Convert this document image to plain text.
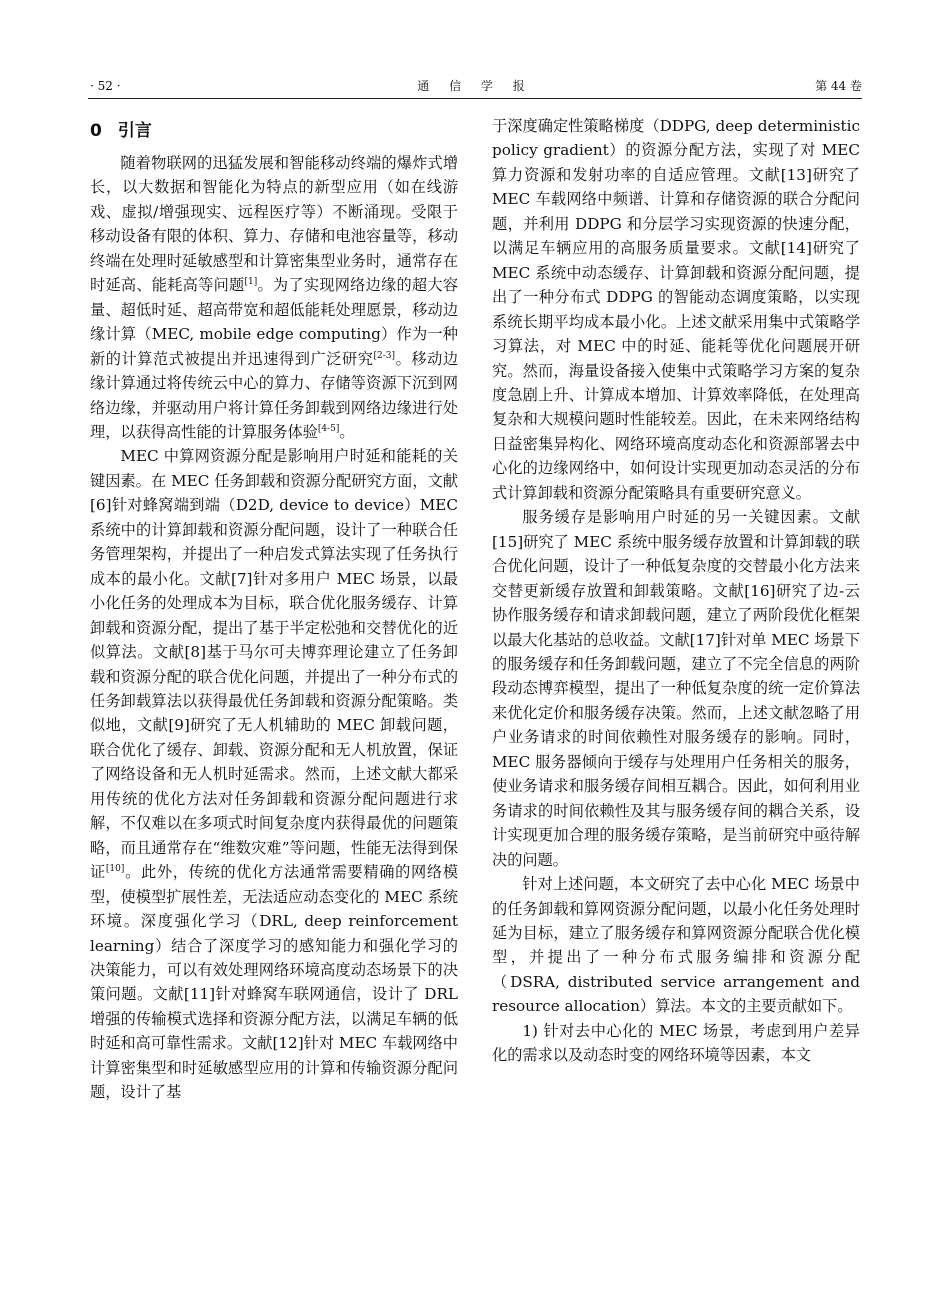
· 52 ·	通 信 学 报	第 44 卷
0 引言

随着物联网的迅猛发展和智能移动终端的爆炸式增长，以大数据和智能化为特点的新型应用（如在线游戏、虚拟/增强现实、远程医疗等）不断涌现。受限于移动设备有限的体积、算力、存储和电池容量等，移动终端在处理时延敏感型和计算密集型业务时，通常存在时延高、能耗高等问题[1]。为了实现网络边缘的超大容量、超低时延、超高带宽和超低能耗处理愿景，移动边缘计算（MEC, mobile edge computing）作为一种新的计算范式被提出并迅速得到广泛研究[2-3]。移动边缘计算通过将传统云中心的算力、存储等资源下沉到网络边缘，并驱动用户将计算任务卸载到网络边缘进行处理，以获得高性能的计算服务体验[4-5]。

MEC 中算网资源分配是影响用户时延和能耗的关键因素。在 MEC 任务卸载和资源分配研究方面，文献[6]针对蜂窝端到端（D2D, device to device）MEC 系统中的计算卸载和资源分配问题，设计了一种联合任务管理架构，并提出了一种启发式算法实现了任务执行成本的最小化。文献[7]针对多用户 MEC 场景，以最小化任务的处理成本为目标，联合优化服务缓存、计算卸载和资源分配，提出了基于半定松弛和交替优化的近似算法。文献[8]基于马尔可夫博弈理论建立了任务卸载和资源分配的联合优化问题，并提出了一种分布式的任务卸载算法以获得最优任务卸载和资源分配策略。类似地，文献[9]研究了无人机辅助的 MEC 卸载问题，联合优化了缓存、卸载、资源分配和无人机放置，保证了网络设备和无人机时延需求。然而，上述文献大都采用传统的优化方法对任务卸载和资源分配问题进行求解，不仅难以在多项式时间复杂度内获得最优的问题策略，而且通常存在“维数灾难”等问题，性能无法得到保证[10]。此外，传统的优化方法通常需要精确的网络模型，使模型扩展性差，无法适应动态变化的 MEC 系统环境。深度强化学习（DRL, deep reinforcement learning）结合了深度学习的感知能力和强化学习的决策能力，可以有效处理网络环境高度动态场景下的决策问题。文献[11]针对蜂窝车联网通信，设计了 DRL 增强的传输模式选择和资源分配方法，以满足车辆的低时延和高可靠性需求。文献[12]针对 MEC 车载网络中计算密集型和时延敏感型应用的计算和传输资源分配问题，设计了基

于深度确定性策略梯度（DDPG, deep deterministic policy gradient）的资源分配方法，实现了对 MEC 算力资源和发射功率的自适应管理。文献[13]研究了 MEC 车载网络中频谱、计算和存储资源的联合分配问题，并利用 DDPG 和分层学习实现资源的快速分配，以满足车辆应用的高服务质量要求。文献[14]研究了 MEC 系统中动态缓存、计算卸载和资源分配问题，提出了一种分布式 DDPG 的智能动态调度策略，以实现系统长期平均成本最小化。上述文献采用集中式策略学习算法，对 MEC 中的时延、能耗等优化问题展开研究。然而，海量设备接入使集中式策略学习方案的复杂度急剧上升、计算成本增加、计算效率降低，在处理高复杂和大规模问题时性能较差。因此，在未来网络结构日益密集异构化、网络环境高度动态化和资源部署去中心化的边缘网络中，如何设计实现更加动态灵活的分布式计算卸载和资源分配策略具有重要研究意义。

服务缓存是影响用户时延的另一关键因素。文献[15]研究了 MEC 系统中服务缓存放置和计算卸载的联合优化问题，设计了一种低复杂度的交替最小化方法来交替更新缓存放置和卸载策略。文献[16]研究了边-云协作服务缓存和请求卸载问题，建立了两阶段优化框架以最大化基站的总收益。文献[17]针对单 MEC 场景下的服务缓存和任务卸载问题，建立了不完全信息的两阶段动态博弈模型，提出了一种低复杂度的统一定价算法来优化定价和服务缓存决策。然而，上述文献忽略了用户业务请求的时间依赖性对服务缓存的影响。同时，MEC 服务器倾向于缓存与处理用户任务相关的服务，使业务请求和服务缓存间相互耦合。因此，如何利用业务请求的时间依赖性及其与服务缓存间的耦合关系，设计实现更加合理的服务缓存策略，是当前研究中亟待解决的问题。

针对上述问题，本文研究了去中心化 MEC 场景中的任务卸载和算网资源分配问题，以最小化任务处理时延为目标，建立了服务缓存和算网资源分配联合优化模型，并提出了一种分布式服务编排和资源分配（DSRA, distributed service arrangement and resource allocation）算法。本文的主要贡献如下。

1) 针对去中心化的 MEC 场景，考虑到用户差异化的需求以及动态时变的网络环境等因素，本文
